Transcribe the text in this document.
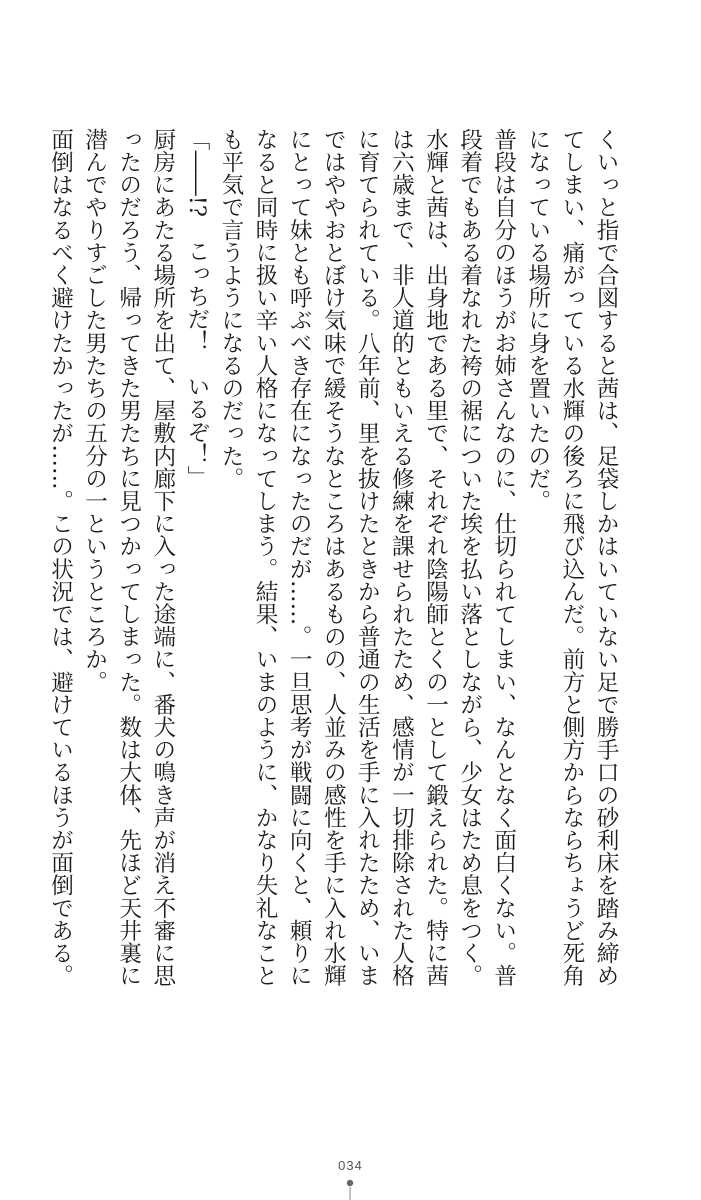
くいっと指で合図すると茜は、足袋しかはいていない足で勝手口の砂利床を踏み締めてしまい、痛がっている水輝の後ろに飛び込んだ。前方と側方からならちょうど死角になっている場所に身を置いたのだ。

普段は自分のほうがお姉さんなのに、仕切られてしまい、なんとなく面白くない。普段着でもある着なれた袴の裾についた埃を払い落としながら、少女はため息をつく。

水輝と茜は、出身地である里で、それぞれ陰陽師とくの一として鍛えられた。特に茜は六歳まで、非人道的ともいえる修練を課せられたため、感情が一切排除された人格に育てられている。八年前、里を抜けたときから普通の生活を手に入れたため、いまではややおとぼけ気味で緩そうなところはあるものの、人並みの感性を手に入れ水輝にとって妹とも呼ぶべき存在になったのだが……。一旦思考が戦闘に向くと、頼りになると同時に扱い辛い人格になってしまう。結果、いまのように、かなり失礼なことも平気で言うようになるのだった。

「――!?　こっちだ！　いるぞ！」

厨房にあたる場所を出て、屋敷内廊下に入った途端に、番犬の鳴き声が消え不審に思ったのだろう、帰ってきた男たちに見つかってしまった。数は大体、先ほど天井裏に潜んでやりすごした男たちの五分の一というところか。

面倒はなるべく避けたかったが……。この状況では、避けているほうが面倒である。

034
